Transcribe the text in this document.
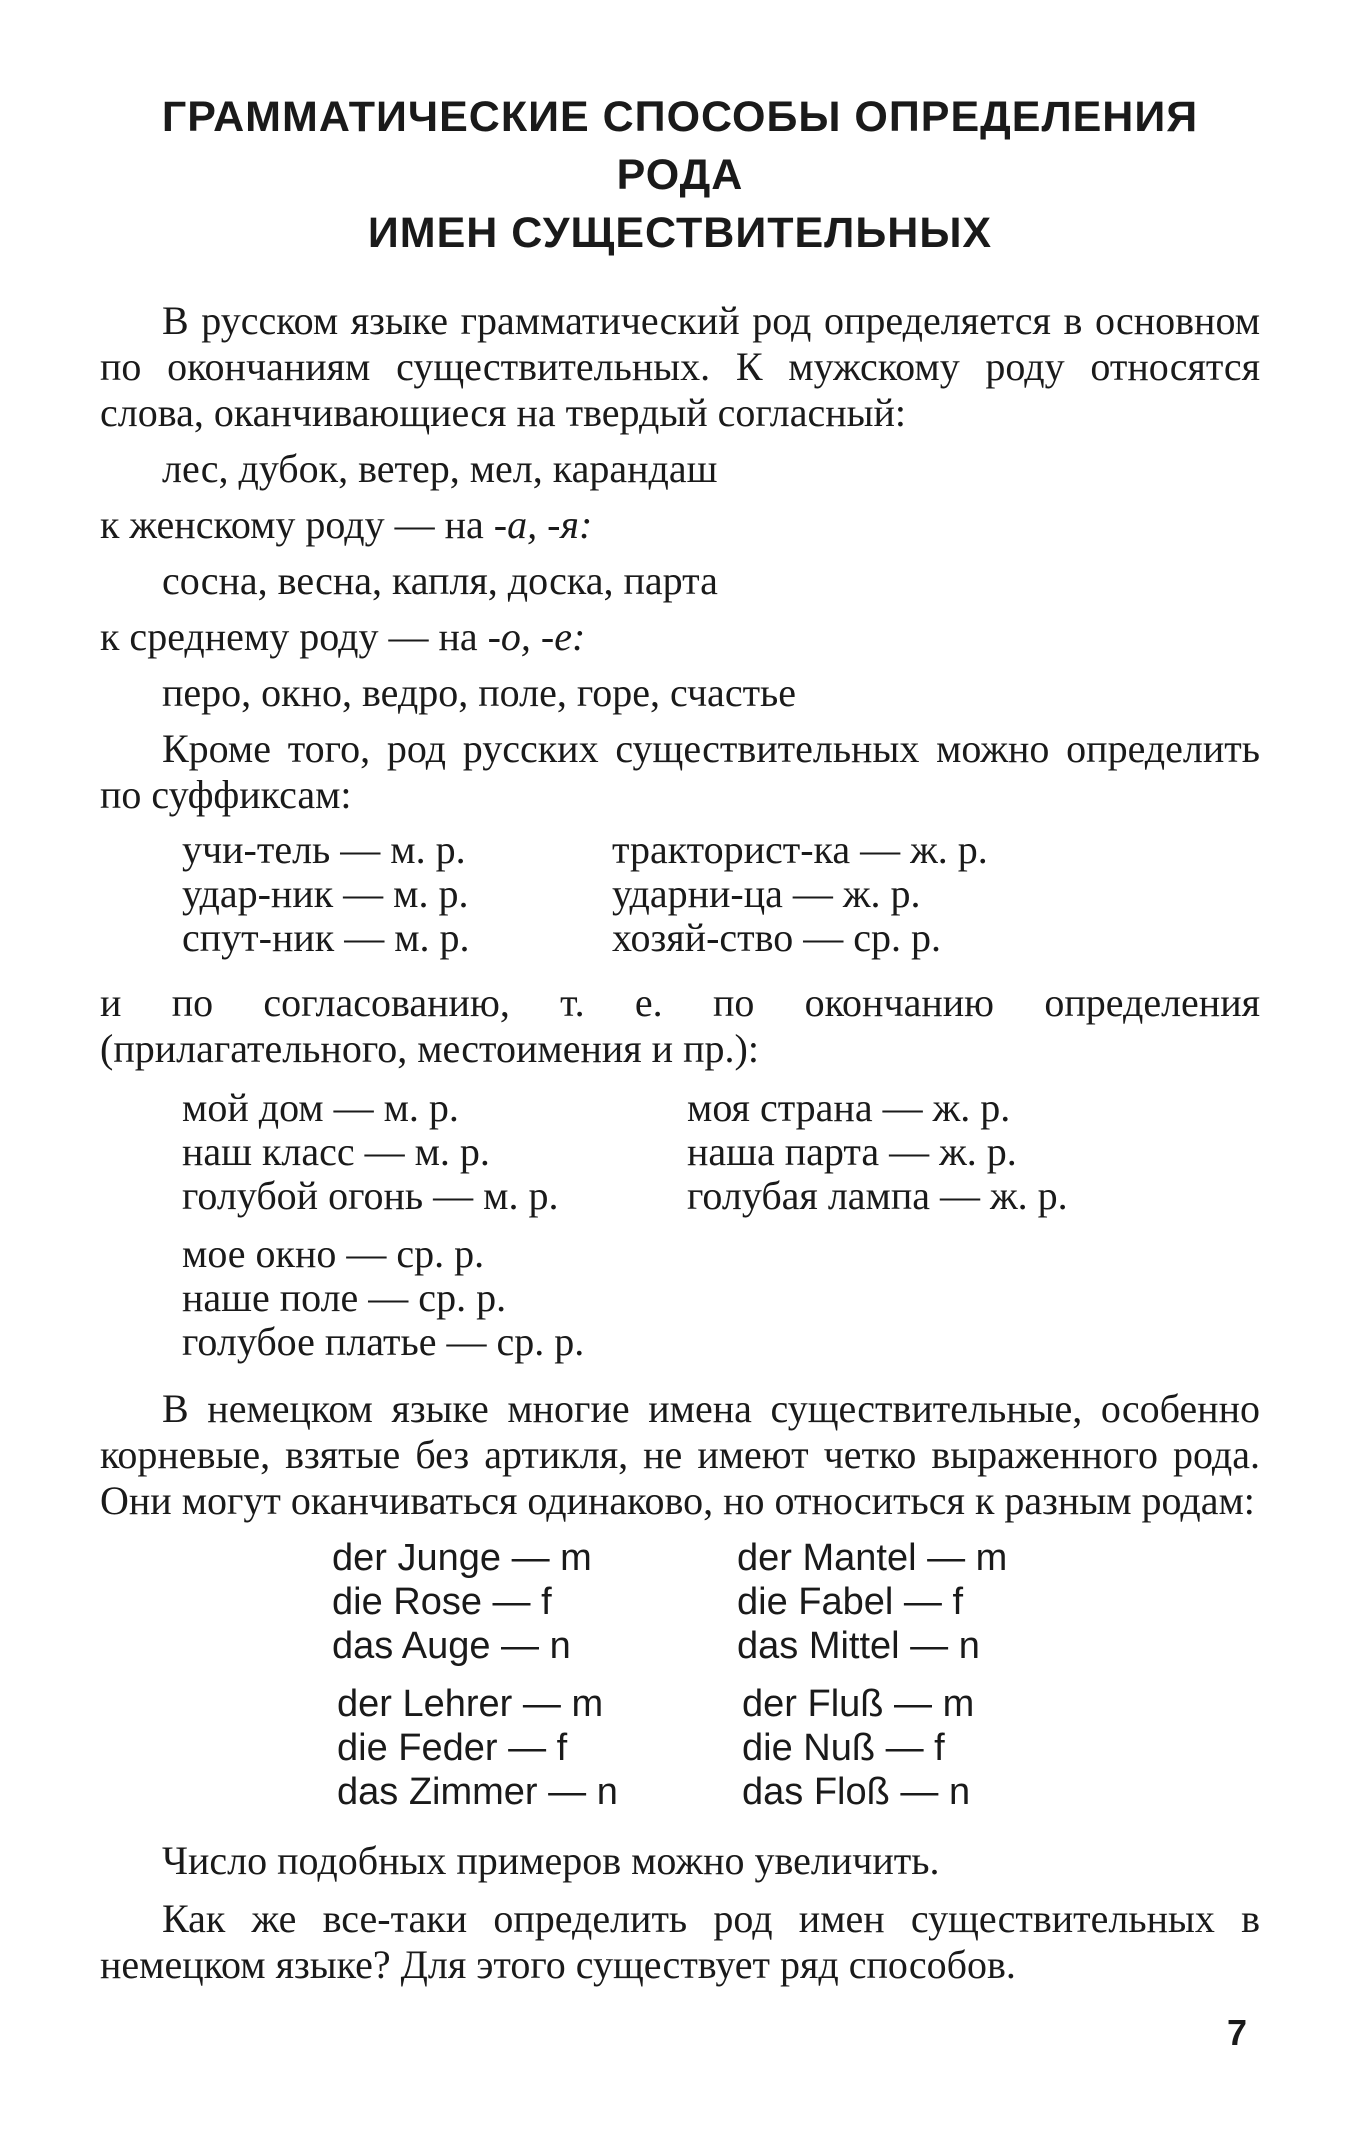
ГРАММАТИЧЕСКИЕ СПОСОБЫ ОПРЕДЕЛЕНИЯ РОДА
ИМЕН СУЩЕСТВИТЕЛЬНЫХ

В русском языке грамматический род определяется в основном по окончаниям существительных. К мужскому роду относятся слова, оканчивающиеся на твердый согласный:

лес, дубок, ветер, мел, карандаш

к женскому роду — на -а, -я:

сосна, весна, капля, доска, парта

к среднему роду — на -о, -е:

перо, окно, ведро, поле, горе, счастье

Кроме того, род русских существительных можно определить по суффиксам:

учи-тель — м. р.	тракторист-ка — ж. р.
удар-ник — м. р.	ударни-ца — ж. р.
спут-ник — м. р.	хозяй-ство — ср. р.

и по согласованию, т. е. по окончанию определения (прилагательного, местоимения и пр.):

мой дом — м. р.	моя страна — ж. р.
наш класс — м. р.	наша парта — ж. р.
голубой огонь — м. р.	голубая лампа — ж. р.
мое окно — ср. р.
наше поле — ср. р.
голубое платье — ср. р.

В немецком языке многие имена существительные, особенно корневые, взятые без артикля, не имеют четко выраженного рода. Они могут оканчиваться одинаково, но относиться к разным родам:

der Junge — m	der Mantel — m
die Rose — f	die Fabel — f
das Auge — n	das Mittel — n
der Lehrer — m	der Fluß — m
die Feder — f	die Nuß — f
das Zimmer — n	das Floß — n

Число подобных примеров можно увеличить.

Как же все-таки определить род имен существительных в немецком языке? Для этого существует ряд способов.

7
